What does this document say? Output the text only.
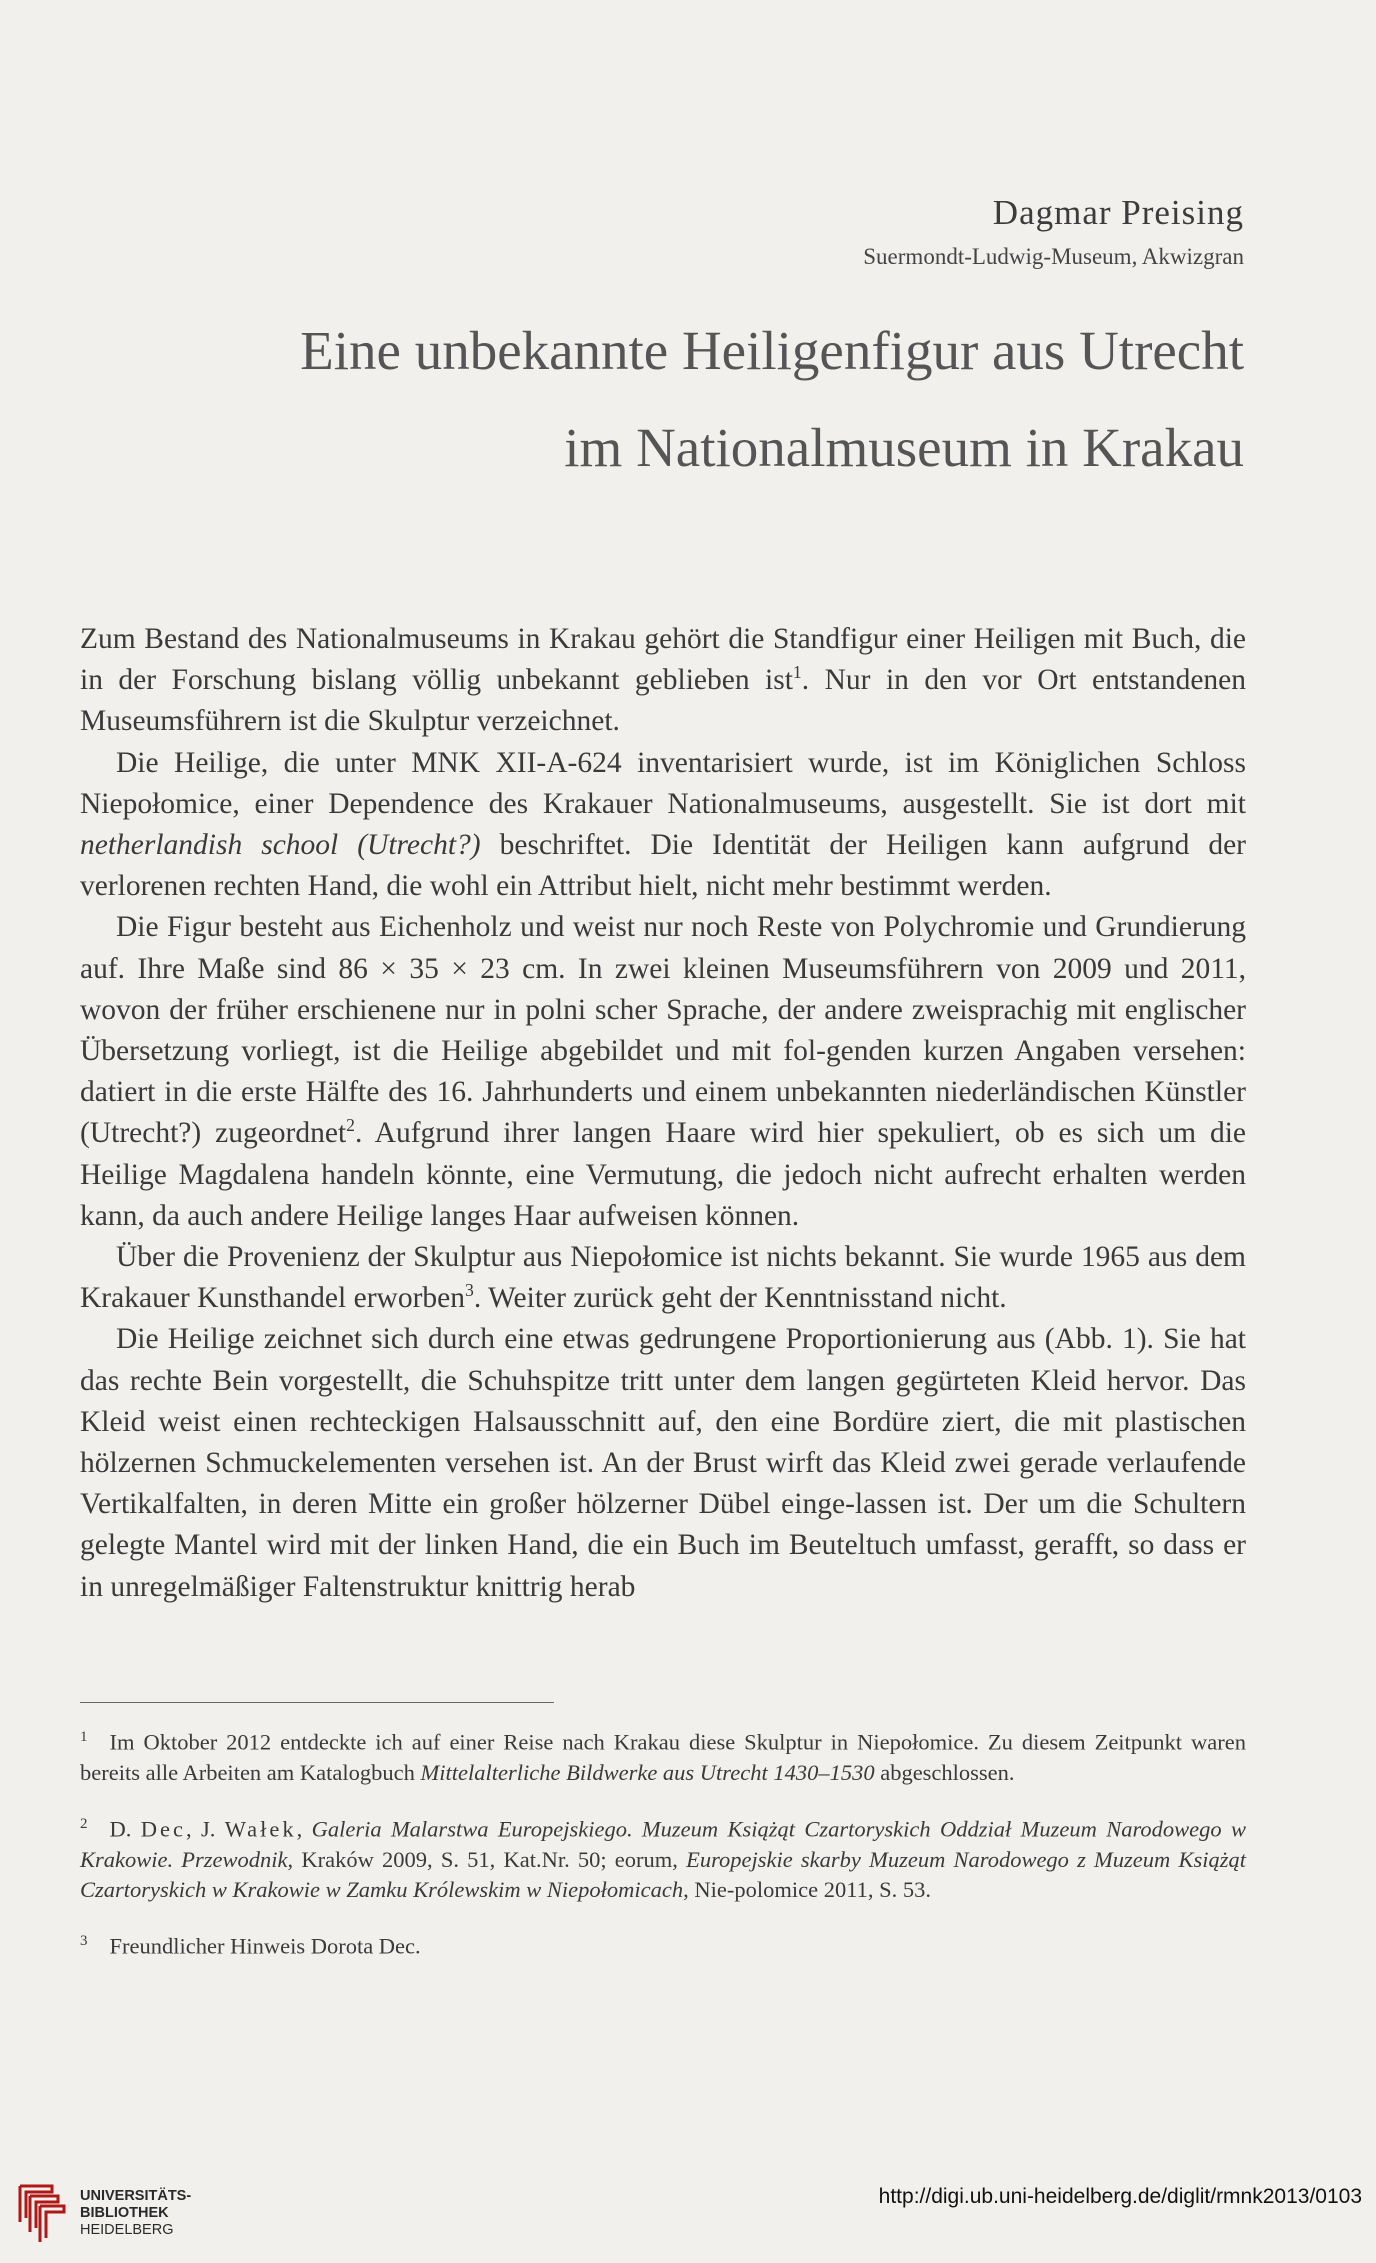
Dagmar Preising
Suermondt-Ludwig-Museum, Akwizgran
Eine unbekannte Heiligenfigur aus Utrecht
im Nationalmuseum in Krakau

Zum Bestand des Nationalmuseums in Krakau gehört die Standfigur einer Heiligen mit Buch, die in der Forschung bislang völlig unbekannt geblieben ist$^1$. Nur in den vor Ort entstandenen Museumsführern ist die Skulptur verzeichnet.

Die Heilige, die unter MNK XII-A-624 inventarisiert wurde, ist im Königlichen Schloss Niepołomice, einer Dependence des Krakauer Nationalmuseums, ausgestellt. Sie ist dort mit netherlandish school (Utrecht?) beschriftet. Die Identität der Heiligen kann aufgrund der verlorenen rechten Hand, die wohl ein Attribut hielt, nicht mehr bestimmt werden.

Die Figur besteht aus Eichenholz und weist nur noch Reste von Polychromie und Grundierung auf. Ihre Maße sind 86 × 35 × 23 cm. In zwei kleinen Museumsführern von 2009 und 2011, wovon der früher erschienene nur in polni scher Sprache, der andere zweisprachig mit englischer Übersetzung vorliegt, ist die Heilige abgebildet und mit fol-genden kurzen Angaben versehen: datiert in die erste Hälfte des 16. Jahrhunderts und einem unbekannten niederländischen Künstler (Utrecht?) zugeordnet$^2$. Aufgrund ihrer langen Haare wird hier spekuliert, ob es sich um die Heilige Magdalena handeln könnte, eine Vermutung, die jedoch nicht aufrecht erhalten werden kann, da auch andere Heilige langes Haar aufweisen können.

Über die Provenienz der Skulptur aus Niepołomice ist nichts bekannt. Sie wurde 1965 aus dem Krakauer Kunsthandel erworben$^3$. Weiter zurück geht der Kenntnisstand nicht.

Die Heilige zeichnet sich durch eine etwas gedrungene Proportionierung aus (Abb. 1). Sie hat das rechte Bein vorgestellt, die Schuhspitze tritt unter dem langen gegürteten Kleid hervor. Das Kleid weist einen rechteckigen Halsausschnitt auf, den eine Bordüre ziert, die mit plastischen hölzernen Schmuckelementen versehen ist. An der Brust wirft das Kleid zwei gerade verlaufende Vertikalfalten, in deren Mitte ein großer hölzerner Dübel einge-lassen ist. Der um die Schultern gelegte Mantel wird mit der linken Hand, die ein Buch im Beuteltuch umfasst, gerafft, so dass er in unregelmäßiger Faltenstruktur knittrig herab

$^1$ Im Oktober 2012 entdeckte ich auf einer Reise nach Krakau diese Skulptur in Niepołomice. Zu diesem Zeitpunkt waren bereits alle Arbeiten am Katalogbuch Mittelalterliche Bildwerke aus Utrecht 1430–1530 abgeschlossen.
$^2$ D. Dec, J. Wałek, Galeria Malarstwa Europejskiego. Muzeum Książąt Czartoryskich Oddział Muzeum Narodowego w Krakowie. Przewodnik, Kraków 2009, S. 51, Kat.Nr. 50; eorum, Europejskie skarby Muzeum Narodowego z Muzeum Książąt Czartoryskich w Krakowie w Zamku Królewskim w Niepołomicach, Nie-polomice 2011, S. 53.
$^3$ Freundlicher Hinweis Dorota Dec.
UNIVERSITÄTS-
BIBLIOTHEK
HEIDELBERG
http://digi.ub.uni-heidelberg.de/diglit/rmnk2013/0103
